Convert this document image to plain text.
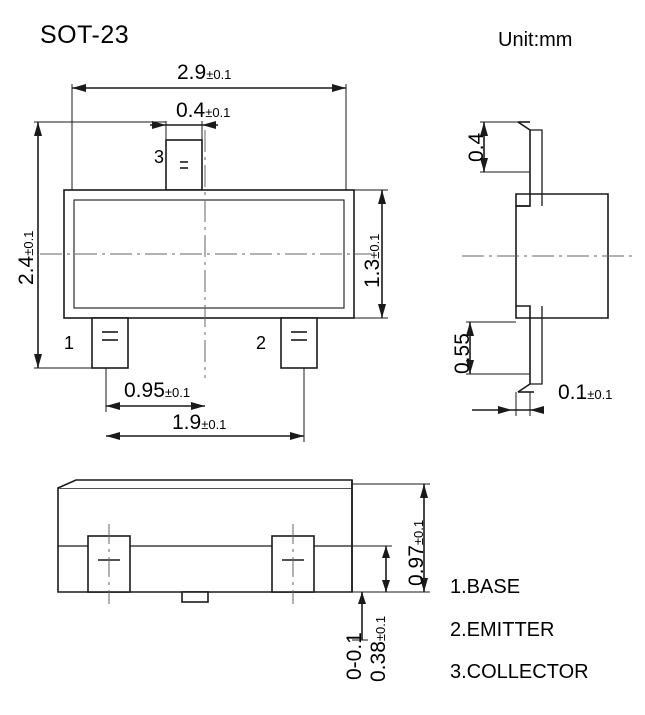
SOT-23	Unit:mm
2.9±0.1
0.4±0.1
2.4±0.1
1.3±0.1
0.95±0.1
1.9±0.1
3
1	2
0.4
0.55
0.1±0.1
0.97±0.1
0.38±0.1
0-0.1
1.BASE
2.EMITTER
3.COLLECTOR
